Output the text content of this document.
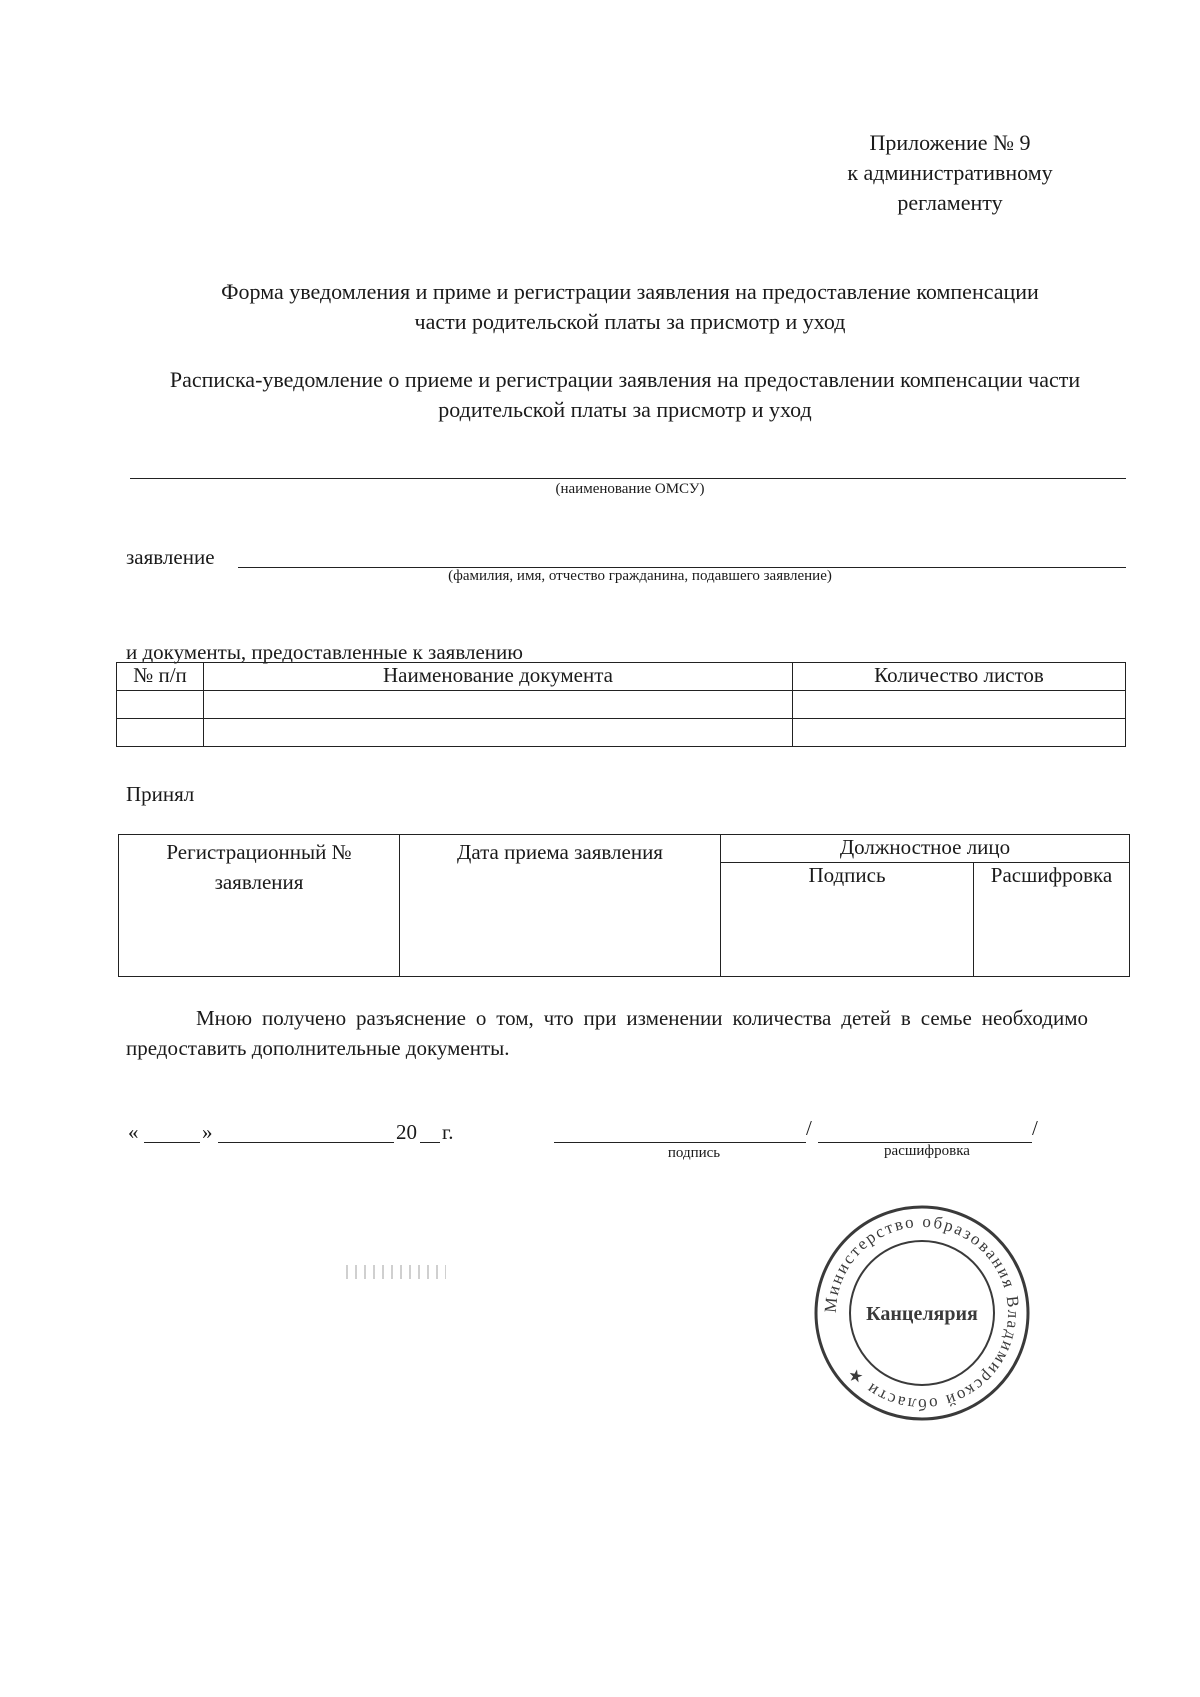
Приложение № 9
к административному
регламенту
Форма уведомления и приме и регистрации заявления на предоставление компенсации
части родительской платы за присмотр и уход
Расписка-уведомление о приеме и регистрации заявления на предоставлении компенсации части
родительской платы за присмотр и уход
(наименование ОМСУ)
заявление
(фамилия, имя, отчество гражданина, подавшего заявление)
и документы, предоставленные к заявлению
№ п/п	Наименование документа	Количество листов

Принял
Регистрационный № заявления	Дата приема заявления	Должностное лицо	
		Подпись	Расшифровка
Мною получено разъяснение о том, что при изменении количества детей в семье необходимо предоставить дополнительные документы.
«	»	20 г.	/	/
подпись	расшифровка
Министерство образования Владимирской области ★
Канцелярия
